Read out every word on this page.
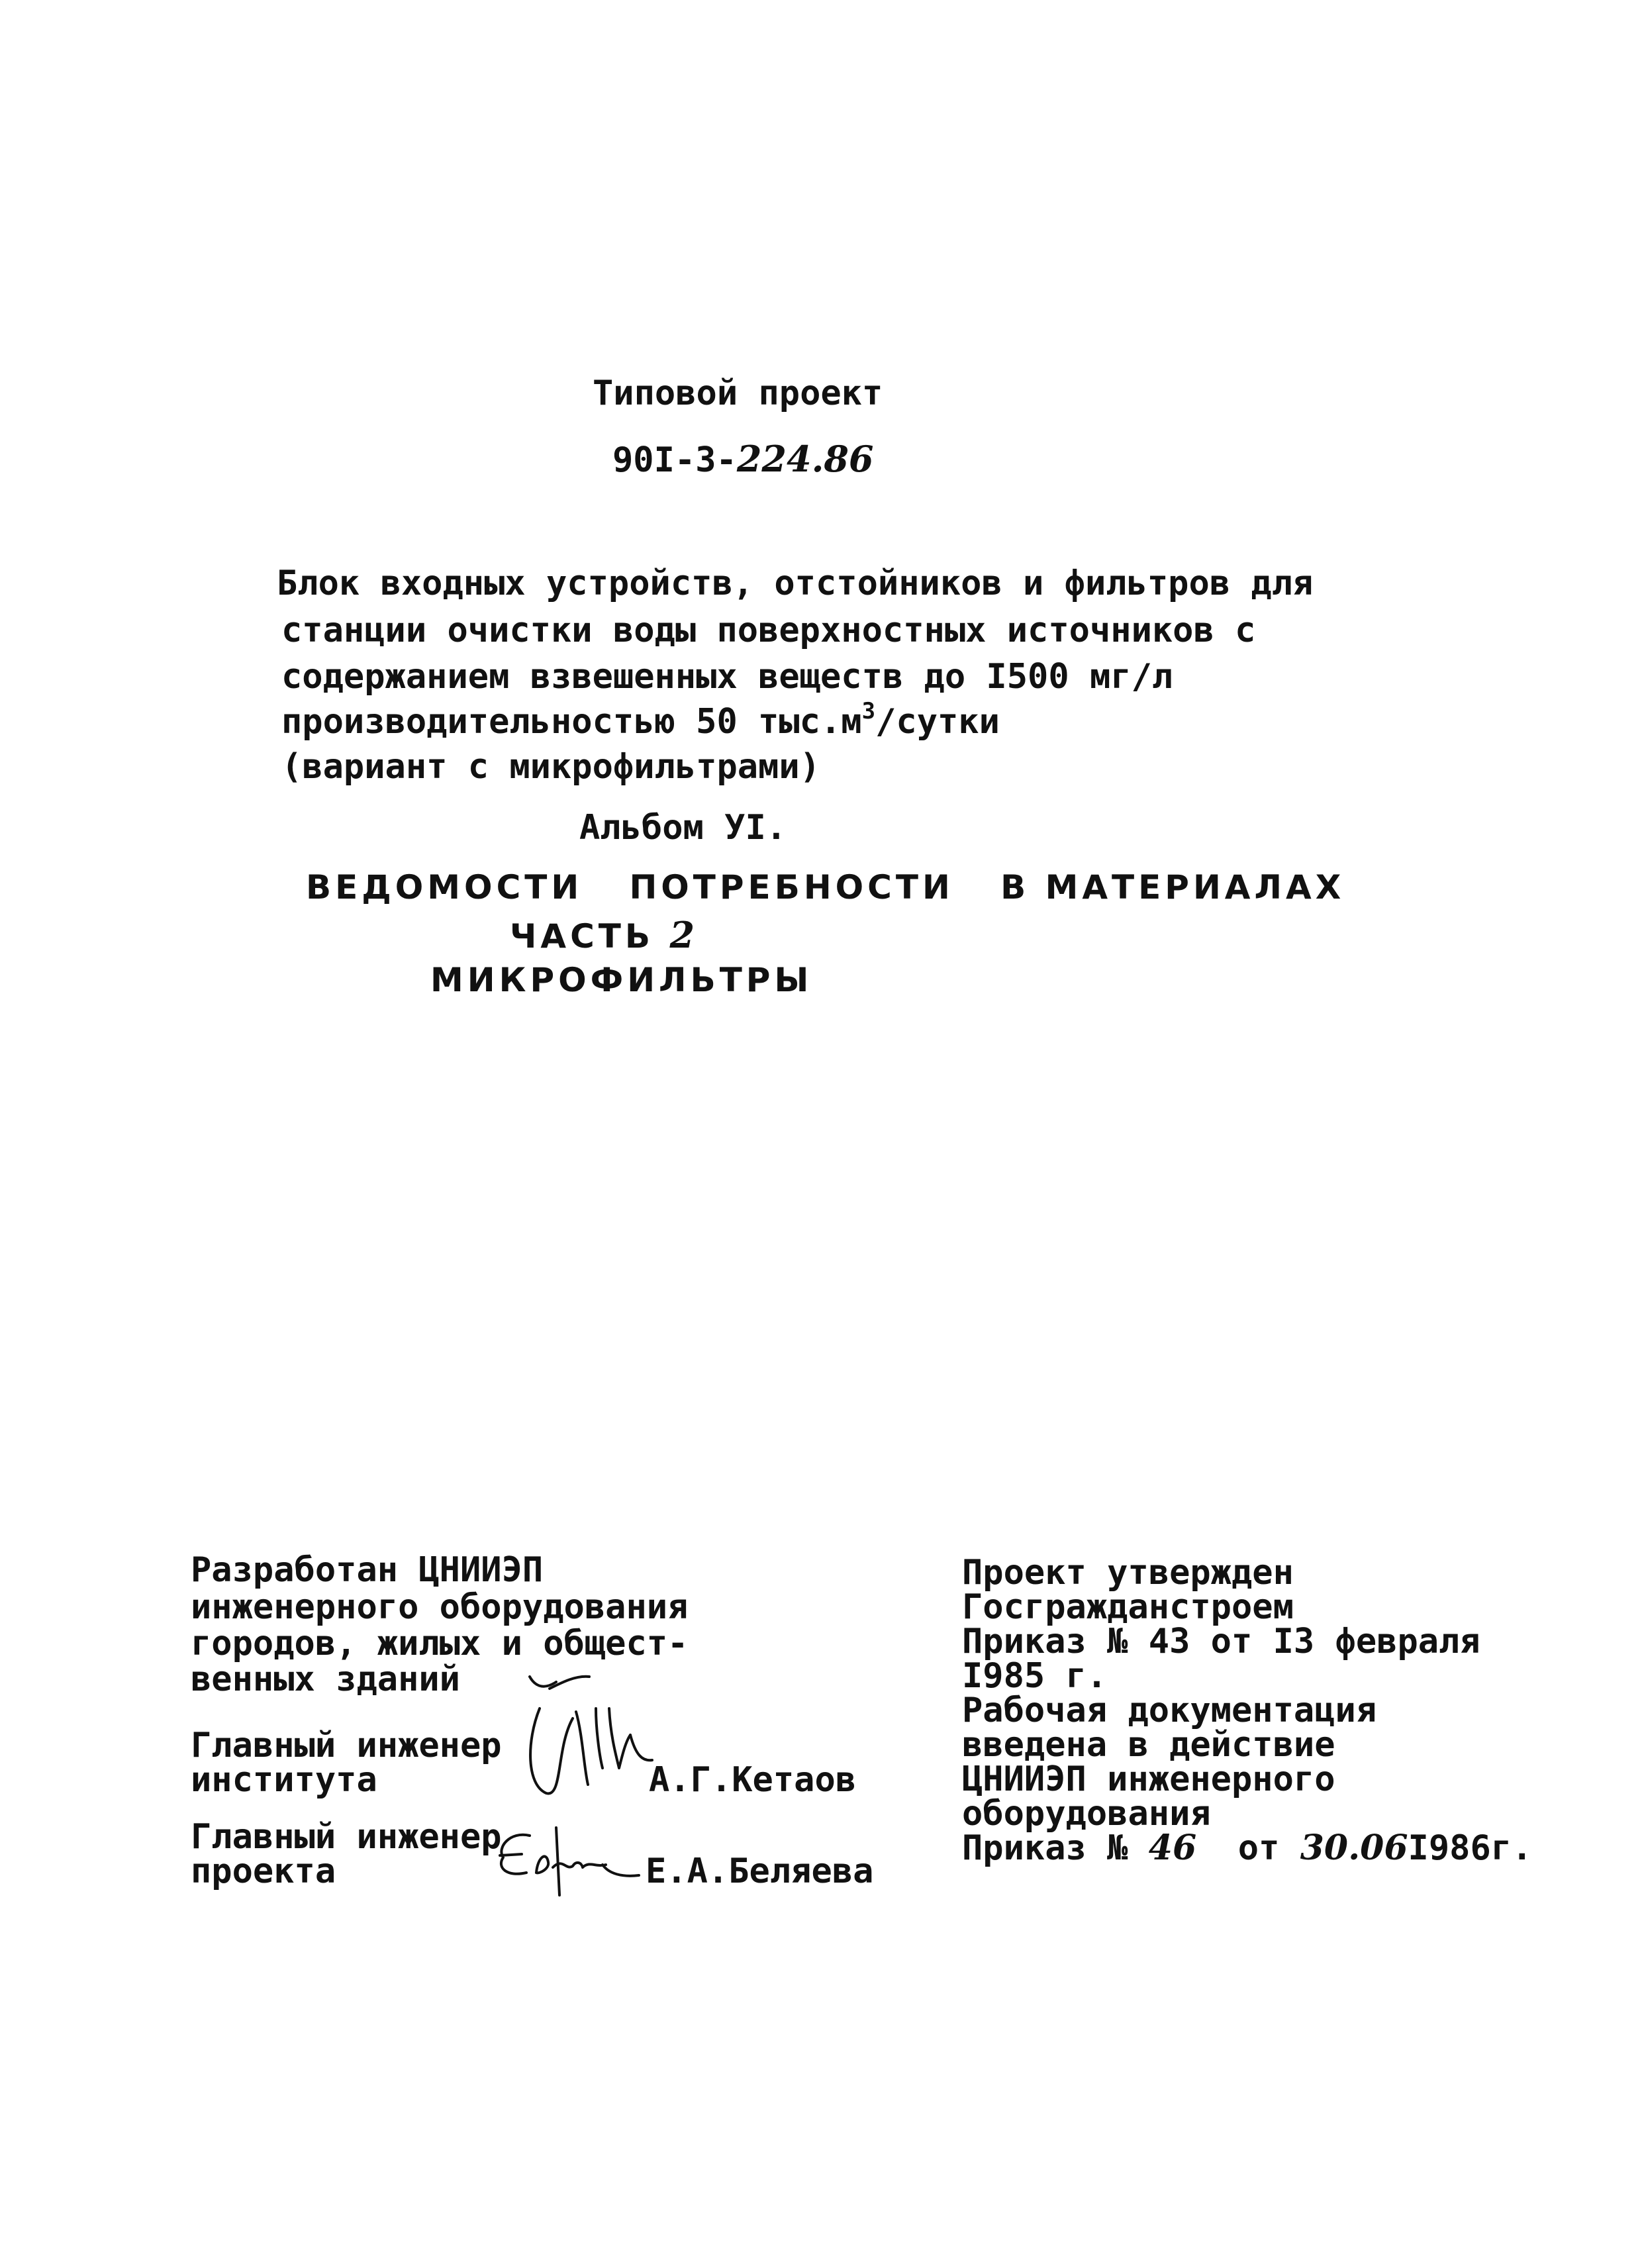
Типовой проект
90I-3-224.86
Блок входных устройств, отстойников и фильтров для
станции очистки воды поверхностных источников с
содержанием взвешенных веществ до I500 мг/л
производительностью 50 $тыс.м^3$/сутки
(вариант с микрофильтрами)
Альбом УI.
ВЕДОМОСТИ ПОТРЕБНОСТИ В МАТЕРИАЛАХ
ЧАСТЬ 2
МИКРОФИЛЬТРЫ
Разработан ЦНИИЭП
инженерного оборудования
городов, жилых и общест-
венных зданий
Главный инженер
института	А.Г.Кетаов
Главный инженер
проекта	Е.А.Беляева
Проект утвержден
Госгражданстроем
Приказ № 43 от I3 февраля
I985 г.
Рабочая документация
введена в действие
ЦНИИЭП инженерного
оборудования
Приказ № 46 от 30.06I986г.
